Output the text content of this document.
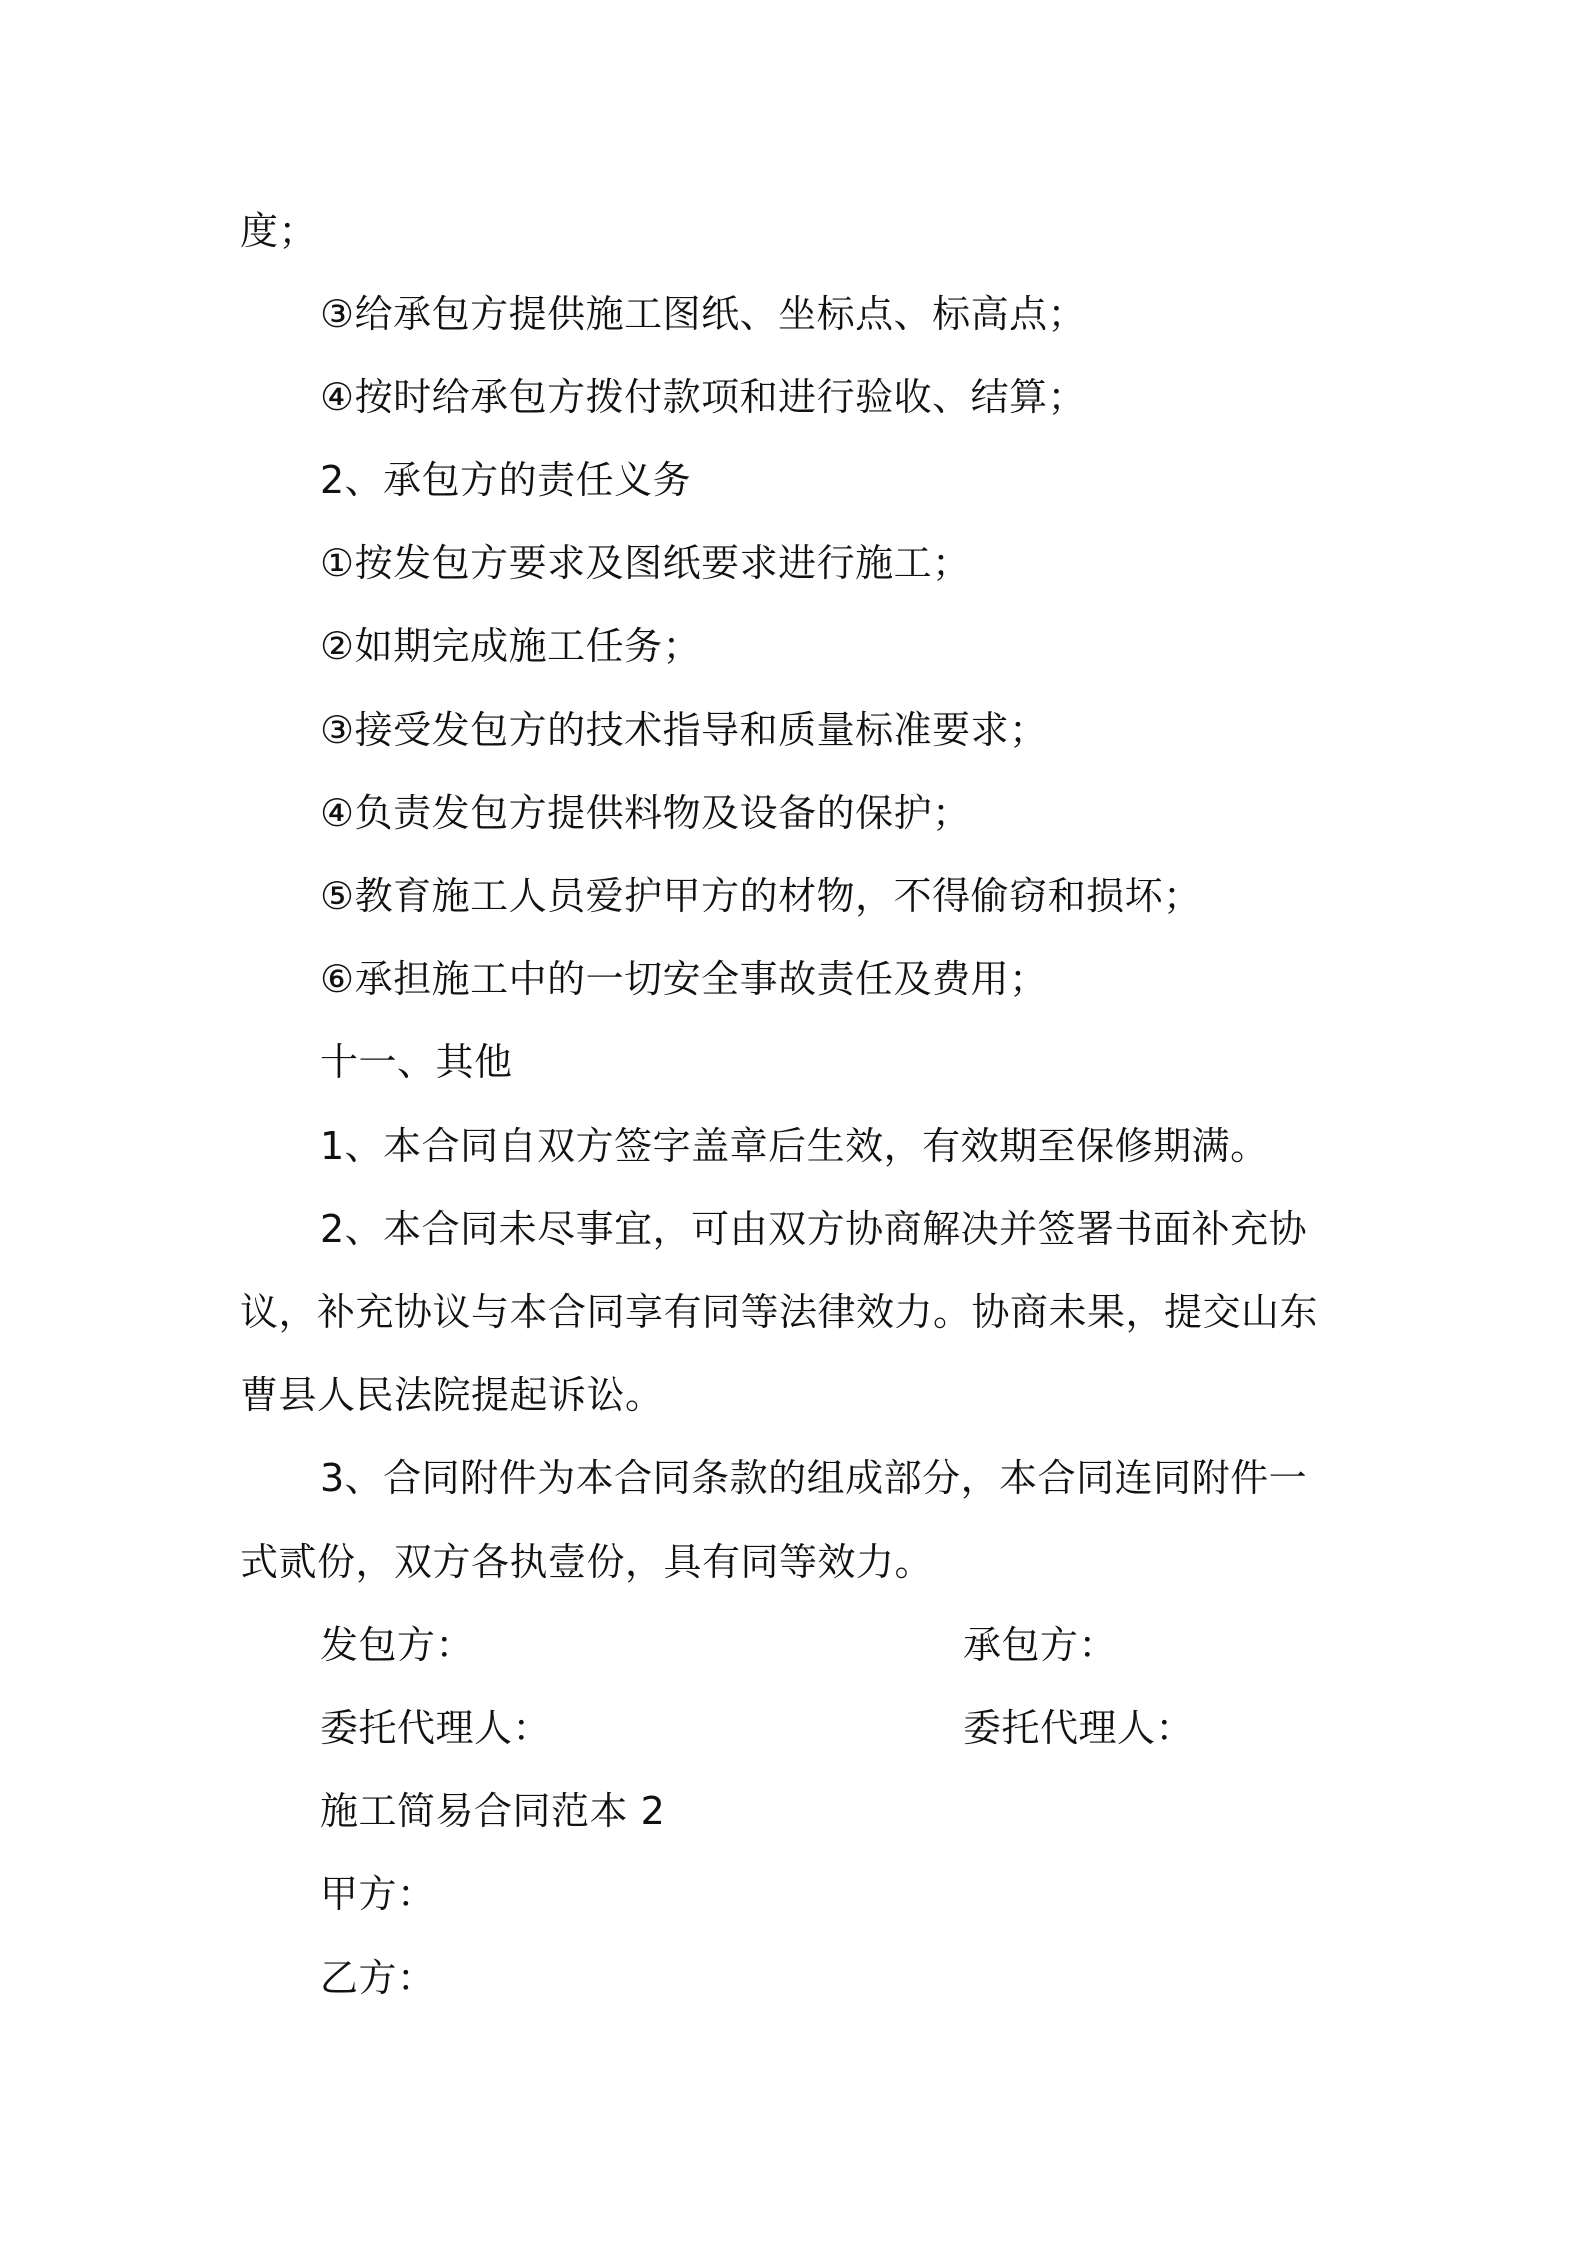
度；
③给承包方提供施工图纸、坐标点、标高点；
④按时给承包方拨付款项和进行验收、结算；
2、承包方的责任义务
①按发包方要求及图纸要求进行施工；
②如期完成施工任务；
③接受发包方的技术指导和质量标准要求；
④负责发包方提供料物及设备的保护；
⑤教育施工人员爱护甲方的材物，不得偷窃和损坏；
⑥承担施工中的一切安全事故责任及费用；
十一、其他
1、本合同自双方签字盖章后生效，有效期至保修期满。
2、本合同未尽事宜，可由双方协商解决并签署书面补充协
议，补充协议与本合同享有同等法律效力。协商未果，提交山东
曹县人民法院提起诉讼。
3、合同附件为本合同条款的组成部分，本合同连同附件一
式贰份，双方各执壹份，具有同等效力。
发包方：	承包方：
委托代理人：	委托代理人：
施工简易合同范本 2
甲方：
乙方：
